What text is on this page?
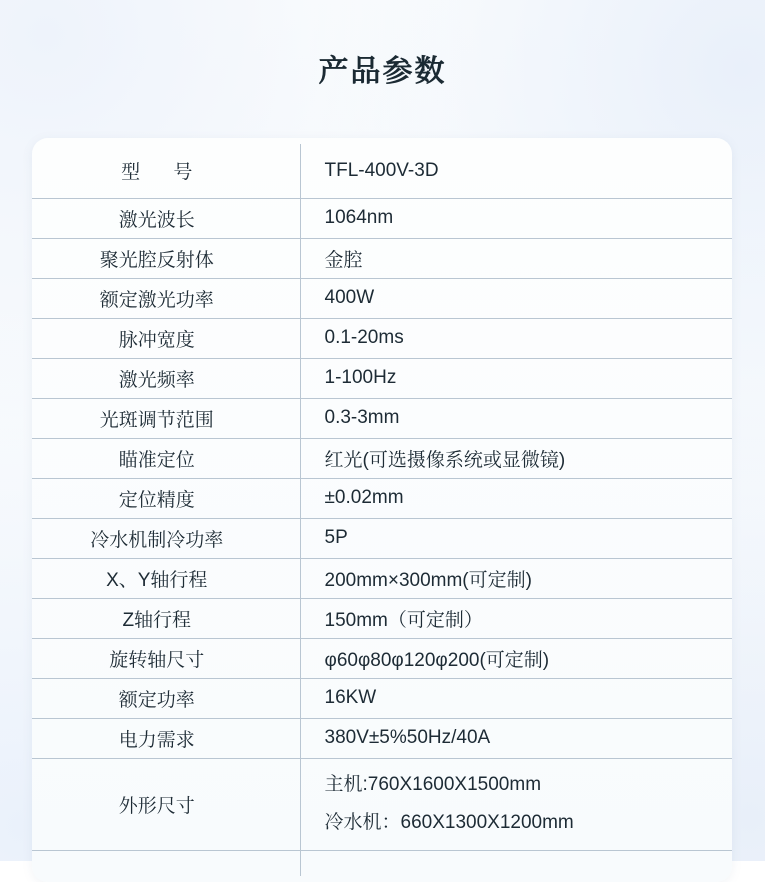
产品参数
型 号	TFL-400V-3D
激光波长	1064nm
聚光腔反射体	金腔
额定激光功率	400W
脉冲宽度	0.1-20ms
激光频率	1-100Hz
光斑调节范围	0.3-3mm
瞄准定位	红光(可选摄像系统或显微镜)
定位精度	±0.02mm
冷水机制冷功率	5P
X、Y轴行程	200mm×300mm(可定制)
Z轴行程	150mm（可定制）
旋转轴尺寸	φ60φ80φ120φ200(可定制)
额定功率	16KW
电力需求	380V±5%50Hz/40A
外形尺寸	主机:760X1600X1500mm
冷水机：660X1300X1200mm
